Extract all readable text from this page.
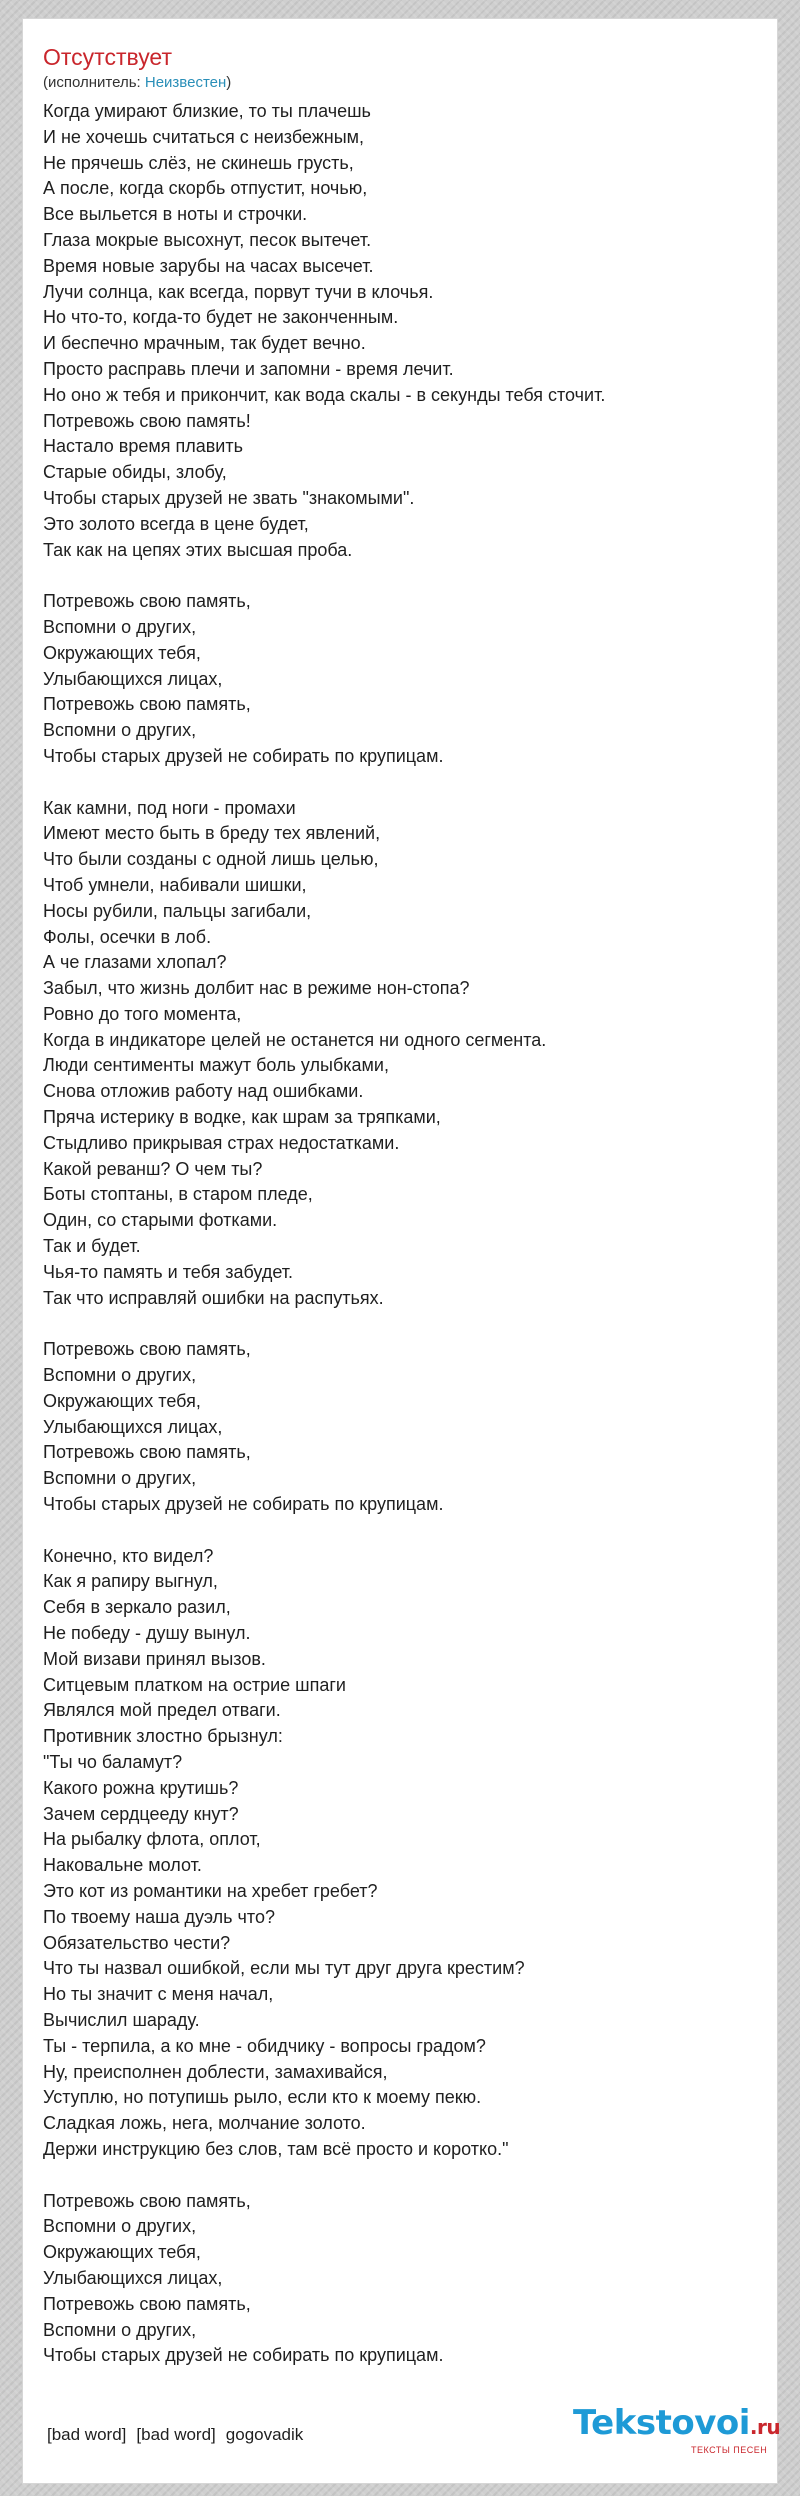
Отсутствует
(исполнитель: Неизвестен)
Когда умирают близкие, то ты плачешь
И не хочешь считаться с неизбежным,
Не прячешь слёз, не скинешь грусть,
А после, когда скорбь отпустит, ночью,
Все выльется в ноты и строчки.
Глаза мокрые высохнут, песок вытечет.
Время новые зарубы на часах высечет.
Лучи солнца, как всегда, порвут тучи в клочья.
Но что-то, когда-то будет не законченным.
И беспечно мрачным, так будет вечно.
Просто расправь плечи и запомни - время лечит.
Но оно ж тебя и прикончит, как вода скалы - в секунды тебя сточит.
Потревожь свою память!
Настало время плавить
Старые обиды, злобу,
Чтобы старых друзей не звать "знакомыми".
Это золото всегда в цене будет,
Так как на цепях этих высшая проба.
Потревожь свою память,
Вспомни о других,
Окружающих тебя,
Улыбающихся лицах,
Потревожь свою память,
Вспомни о других,
Чтобы старых друзей не собирать по крупицам.
Как камни, под ноги - промахи
Имеют место быть в бреду тех явлений,
Что были созданы с одной лишь целью,
Чтоб умнели, набивали шишки,
Носы рубили, пальцы загибали,
Фолы, осечки в лоб.
А че глазами хлопал?
Забыл, что жизнь долбит нас в режиме нон-стопа?
Ровно до того момента,
Когда в индикаторе целей не останется ни одного сегмента.
Люди сентименты мажут боль улыбками,
Снова отложив работу над ошибками.
Пряча истерику в водке, как шрам за тряпками,
Стыдливо прикрывая страх недостатками.
Какой реванш? О чем ты?
Боты стоптаны, в старом пледе,
Один, со старыми фотками.
Так и будет.
Чья-то память и тебя забудет.
Так что исправляй ошибки на распутьях.
Потревожь свою память,
Вспомни о других,
Окружающих тебя,
Улыбающихся лицах,
Потревожь свою память,
Вспомни о других,
Чтобы старых друзей не собирать по крупицам.
Конечно, кто видел?
Как я рапиру выгнул,
Себя в зеркало разил,
Не победу - душу вынул.
Мой визави принял вызов.
Ситцевым платком на острие шпаги
Являлся мой предел отваги.
Противник злостно брызнул:
"Ты чо баламут?
Какого рожна крутишь?
Зачем сердцееду кнут?
На рыбалку флота, оплот,
Наковальне молот.
Это кот из романтики на хребет гребет?
По твоему наша дуэль что?
Обязательство чести?
Что ты назвал ошибкой, если мы тут друг друга крестим?
Но ты значит с меня начал,
Вычислил шараду.
Ты - терпила, а ко мне - обидчику - вопросы градом?
Ну, преисполнен доблести, замахивайся,
Уступлю, но потупишь рыло, если кто к моему пекю.
Сладкая ложь, нега, молчание золото.
Держи инструкцию без слов, там всё просто и коротко."
Потревожь свою память,
Вспомни о других,
Окружающих тебя,
Улыбающихся лицах,
Потревожь свою память,
Вспомни о других,
Чтобы старых друзей не собирать по крупицам.
[bad word] [bad word] gogovadik	Tekstovoi.ru
ТЕКСТЫ ПЕСЕН
